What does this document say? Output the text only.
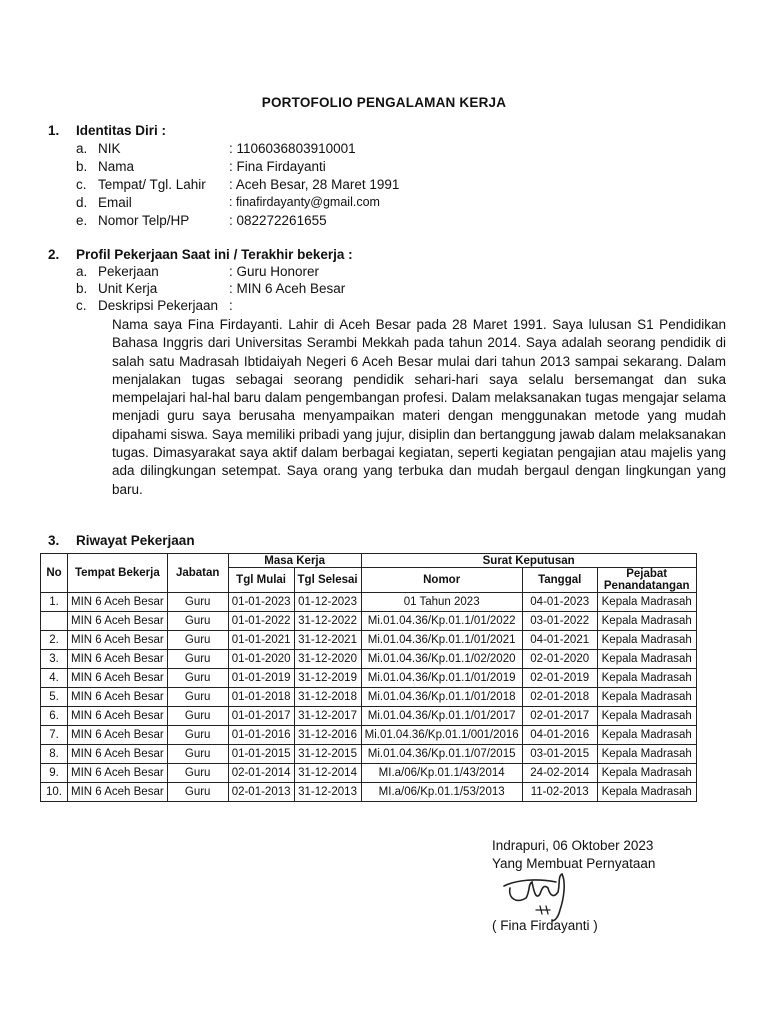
PORTOFOLIO PENGALAMAN KERJA
1. Identitas Diri :
a. NIK	: 1106036803910001
b. Nama	: Fina Firdayanti
c. Tempat/ Tgl. Lahir : Aceh Besar, 28 Maret 1991
d. Email	: finafirdayanty@gmail.com
e. Nomor Telp/HP	: 082272261655
2. Profil Pekerjaan Saat ini / Terakhir bekerja :
a. Pekerjaan	: Guru Honorer
b. Unit Kerja	: MIN 6 Aceh Besar
c. Deskripsi Pekerjaan :
Nama saya Fina Firdayanti. Lahir di Aceh Besar pada 28 Maret 1991. Saya lulusan S1 Pendidikan Bahasa Inggris dari Universitas Serambi Mekkah pada tahun 2014. Saya adalah seorang pendidik di salah satu Madrasah Ibtidaiyah Negeri 6 Aceh Besar mulai dari tahun 2013 sampai sekarang. Dalam menjalakan tugas sebagai seorang pendidik sehari-hari saya selalu bersemangat dan suka mempelajari hal-hal baru dalam pengembangan profesi. Dalam melaksanakan tugas mengajar selama menjadi guru saya berusaha menyampaikan materi dengan menggunakan metode yang mudah dipahami siswa. Saya memiliki pribadi yang jujur, disiplin dan bertanggung jawab dalam melaksanakan tugas. Dimasyarakat saya aktif dalam berbagai kegiatan, seperti kegiatan pengajian atau majelis yang ada dilingkungan setempat. Saya orang yang terbuka dan mudah bergaul dengan lingkungan yang baru.
3. Riwayat Pekerjaan
No	Tempat Bekerja	Jabatan	Masa Kerja		Surat Keputusan		
			Tgl Mulai	Tgl Selesai	Nomor	Tanggal	Pejabat Penandatangan
1.	MIN 6 Aceh Besar	Guru	01-01-2023	01-12-2023	01 Tahun 2023	04-01-2023	Kepala Madrasah
	MIN 6 Aceh Besar	Guru	01-01-2022	31-12-2022	Mi.01.04.36/Kp.01.1/01/2022	03-01-2022	Kepala Madrasah
2.	MIN 6 Aceh Besar	Guru	01-01-2021	31-12-2021	Mi.01.04.36/Kp.01.1/01/2021	04-01-2021	Kepala Madrasah
3.	MIN 6 Aceh Besar	Guru	01-01-2020	31-12-2020	Mi.01.04.36/Kp.01.1/02/2020	02-01-2020	Kepala Madrasah
4.	MIN 6 Aceh Besar	Guru	01-01-2019	31-12-2019	Mi.01.04.36/Kp.01.1/01/2019	02-01-2019	Kepala Madrasah
5.	MIN 6 Aceh Besar	Guru	01-01-2018	31-12-2018	Mi.01.04.36/Kp.01.1/01/2018	02-01-2018	Kepala Madrasah
6.	MIN 6 Aceh Besar	Guru	01-01-2017	31-12-2017	Mi.01.04.36/Kp.01.1/01/2017	02-01-2017	Kepala Madrasah
7.	MIN 6 Aceh Besar	Guru	01-01-2016	31-12-2016	Mi.01.04.36/Kp.01.1/001/2016	04-01-2016	Kepala Madrasah
8.	MIN 6 Aceh Besar	Guru	01-01-2015	31-12-2015	Mi.01.04.36/Kp.01.1/07/2015	03-01-2015	Kepala Madrasah
9.	MIN 6 Aceh Besar	Guru	02-01-2014	31-12-2014	MI.a/06/Kp.01.1/43/2014	24-02-2014	Kepala Madrasah
10.	MIN 6 Aceh Besar	Guru	02-01-2013	31-12-2013	MI.a/06/Kp.01.1/53/2013	11-02-2013	Kepala Madrasah
Indrapuri, 06 Oktober 2023
Yang Membuat Pernyataan
( Fina Firdayanti )
